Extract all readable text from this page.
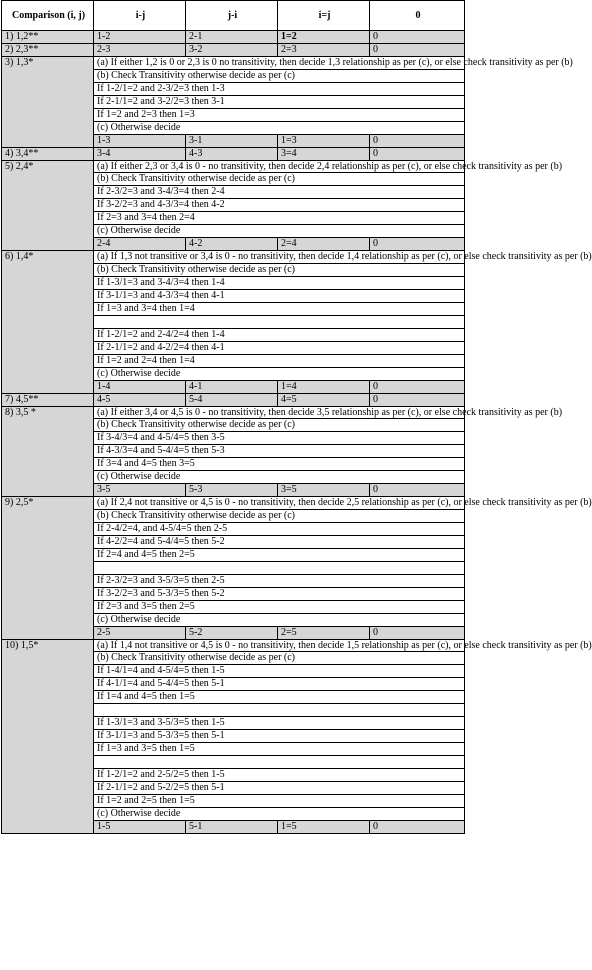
Comparison (i, j)	i-j	j-i	i=j	0
1) 1,2**	1-2	2-1	1=2	0
2) 2,3**	2-3	3-2	2=3	0
3) 1,3*	(a) If either 1,2 is 0 or 2,3 is 0 no transitivity, then decide 1,3 relationship as per (c), or else check transitivity as per (b)			
	(b) Check Transitivity otherwise decide as per (c)			
	If 1-2/1=2 and 2-3/2=3 then 1-3			
	If 2-1/1=2 and 3-2/2=3 then 3-1			
	If 1=2 and 2=3 then 1=3			
	(c) Otherwise decide			
	1-3	3-1	1=3	0
4) 3,4**	3-4	4-3	3=4	0
5) 2,4*	(a) If either 2,3 or 3,4 is 0 - no transitivity, then decide 2,4 relationship as per (c), or else check transitivity as per (b)			
	(b) Check Transitivity otherwise decide as per (c)			
	If 2-3/2=3 and 3-4/3=4 then 2-4			
	If 3-2/2=3 and 4-3/3=4 then 4-2			
	If 2=3 and 3=4 then 2=4			
	(c) Otherwise decide			
	2-4	4-2	2=4	0
6) 1,4*	(a) If 1,3 not transitive or 3,4 is 0 - no transitivity, then decide 1,4 relationship as per (c), or else check transitivity as per (b)			
	(b) Check Transitivity otherwise decide as per (c)			
	If 1-3/1=3 and 3-4/3=4 then 1-4			
	If 3-1/1=3 and 4-3/3=4 then 4-1			
	If 1=3 and 3=4 then 1=4			

	If 1-2/1=2 and 2-4/2=4 then 1-4			
	If 2-1/1=2 and 4-2/2=4 then 4-1			
	If 1=2 and 2=4 then 1=4			
	(c) Otherwise decide			
	1-4	4-1	1=4	0
7) 4,5**	4-5	5-4	4=5	0
8) 3,5 *	(a) If either 3,4 or 4,5 is 0 - no transitivity, then decide 3,5 relationship as per (c), or else check transitivity as per (b)			
	(b) Check Transitivity otherwise decide as per (c)			
	If 3-4/3=4 and 4-5/4=5 then 3-5			
	If 4-3/3=4 and 5-4/4=5 then 5-3			
	If 3=4 and 4=5 then 3=5			
	(c) Otherwise decide			
	3-5	5-3	3=5	0
9) 2,5*	(a) If 2,4 not transitive or 4,5 is 0 - no transitivity, then decide 2,5 relationship as per (c), or else check transitivity as per (b)			
	(b) Check Transitivity otherwise decide as per (c)			
	If 2-4/2=4, and 4-5/4=5 then 2-5			
	If 4-2/2=4 and 5-4/4=5 then 5-2			
	If 2=4 and 4=5 then 2=5			

	If 2-3/2=3 and 3-5/3=5 then 2-5			
	If 3-2/2=3 and 5-3/3=5 then 5-2			
	If 2=3 and 3=5 then 2=5			
	(c) Otherwise decide			
	2-5	5-2	2=5	0
10) 1,5*	(a) If 1,4 not transitive or 4,5 is 0 - no transitivity, then decide 1,5 relationship as per (c), or else check transitivity as per (b)			
	(b) Check Transitivity otherwise decide as per (c)			
	If 1-4/1=4 and 4-5/4=5 then 1-5			
	If 4-1/1=4 and 5-4/4=5 then 5-1			
	If 1=4 and 4=5 then 1=5			

	If 1-3/1=3 and 3-5/3=5 then 1-5			
	If 3-1/1=3 and 5-3/3=5 then 5-1			
	If 1=3 and 3=5 then 1=5			

	If 1-2/1=2 and 2-5/2=5 then 1-5			
	If 2-1/1=2 and 5-2/2=5 then 5-1			
	If 1=2 and 2=5 then 1=5			
	(c) Otherwise decide			
	1-5	5-1	1=5	0
